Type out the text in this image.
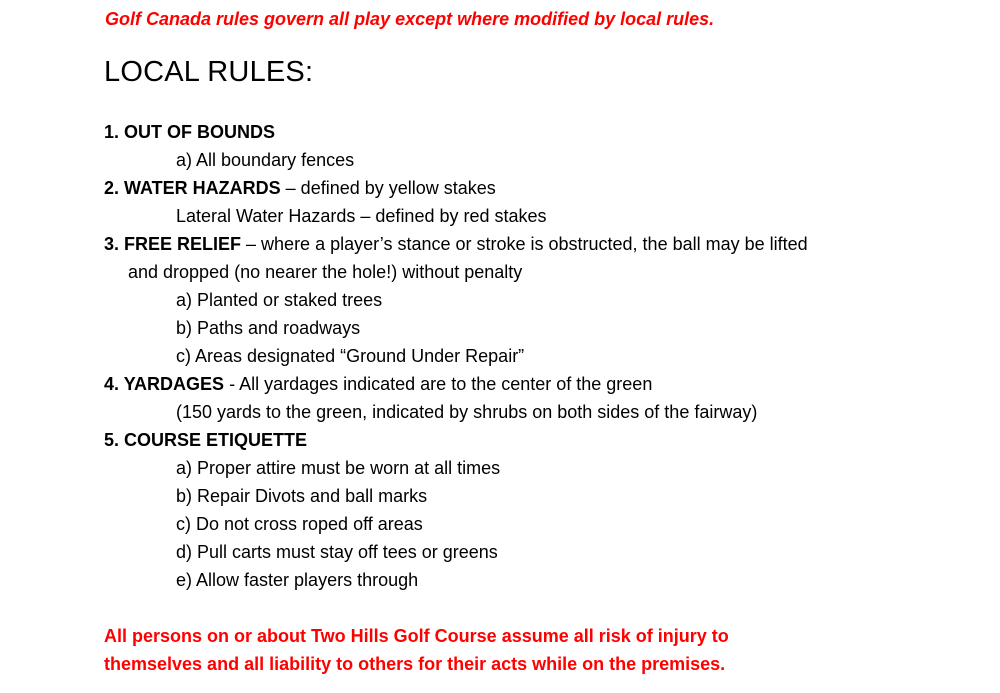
Golf Canada rules govern all play except where modified by local rules.
LOCAL RULES:
1. OUT OF BOUNDS
a) All boundary fences
2. WATER HAZARDS – defined by yellow stakes
Lateral Water Hazards – defined by red stakes
3. FREE RELIEF – where a player’s stance or stroke is obstructed, the ball may be lifted
and dropped (no nearer the hole!) without penalty
a) Planted or staked trees
b) Paths and roadways
c) Areas designated “Ground Under Repair”
4. YARDAGES - All yardages indicated are to the center of the green
(150 yards to the green, indicated by shrubs on both sides of the fairway)
5. COURSE ETIQUETTE
a) Proper attire must be worn at all times
b) Repair Divots and ball marks
c) Do not cross roped off areas
d) Pull carts must stay off tees or greens
e) Allow faster players through
All persons on or about Two Hills Golf Course assume all risk of injury to
themselves and all liability to others for their acts while on the premises.
